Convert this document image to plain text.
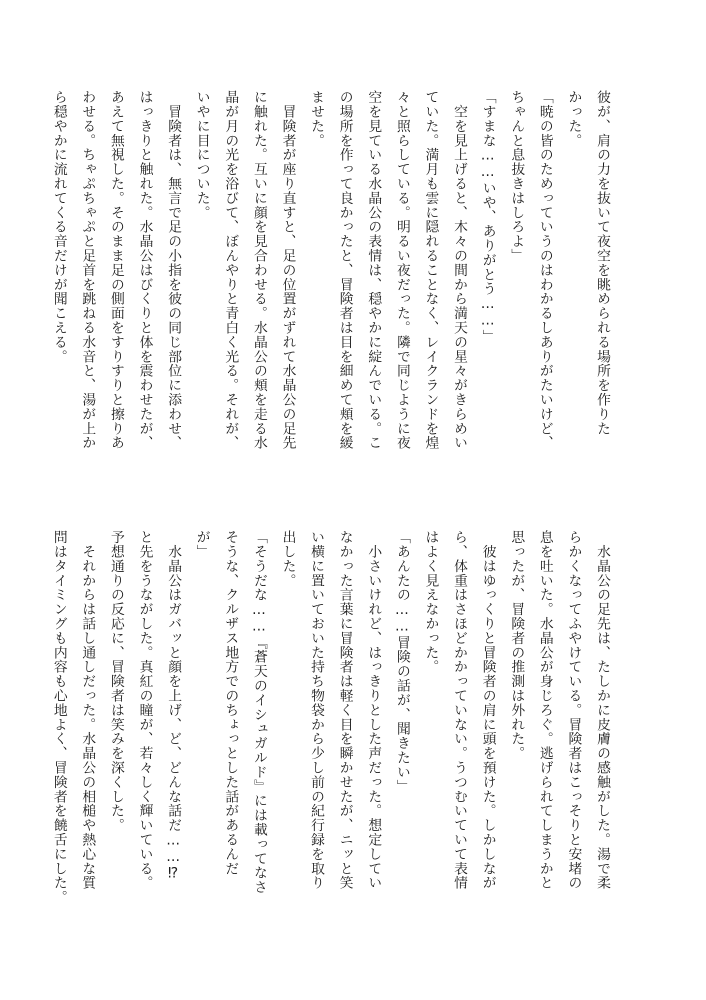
彼が、肩の力を抜いて夜空を眺められる場所を作りた
かった。
「暁の皆のためっていうのはわかるしありがたいけど、
ちゃんと息抜きはしろよ」
「すまな……いや、ありがとう……」
　空を見上げると、木々の間から満天の星々がきらめい
ていた。満月も雲に隠れることなく、レイクランドを煌
々と照らしている。明るい夜だった。隣で同じように夜
空を見ている水晶公の表情は、穏やかに綻んでいる。こ
の場所を作って良かったと、冒険者は目を細めて頬を緩
ませた。
　冒険者が座り直すと、足の位置がずれて水晶公の足先
に触れた。互いに顔を見合わせる。水晶公の頬を走る水
晶が月の光を浴びて、ぼんやりと青白く光る。それが、
いやに目についた。
　冒険者は、無言で足の小指を彼の同じ部位に添わせ、
はっきりと触れた。水晶公はびくりと体を震わせたが、
あえて無視した。そのまま足の側面をすりすりと擦りあ
わせる。ちゃぷちゃぷと足首を跳ねる水音と、湯が上か
ら穏やかに流れてくる音だけが聞こえる。
　水晶公の足先は、たしかに皮膚の感触がした。湯で柔
らかくなってふやけている。冒険者はこっそりと安堵の
息を吐いた。水晶公が身じろぐ。逃げられてしまうかと
思ったが、冒険者の推測は外れた。
　彼はゆっくりと冒険者の肩に頭を預けた。しかしなが
ら、体重はさほどかかっていない。うつむいていて表情
はよく見えなかった。
「あんたの……冒険の話が、聞きたい」
　小さいけれど、はっきりとした声だった。想定してい
なかった言葉に冒険者は軽く目を瞬かせたが、ニッと笑
い横に置いておいた持ち物袋から少し前の紀行録を取り
出した。
「そうだな……『蒼天のイシュガルド』には載ってなさ
そうな、クルザス地方でのちょっとした話があるんだ
が」
　水晶公はガバッと顔を上げ、ど、どんな話だ……⁉
と先をうながした。真紅の瞳が、若々しく輝いている。
予想通りの反応に、冒険者は笑みを深くした。
　それからは話し通しだった。水晶公の相槌や熱心な質
問はタイミングも内容も心地よく、冒険者を饒舌にした。
